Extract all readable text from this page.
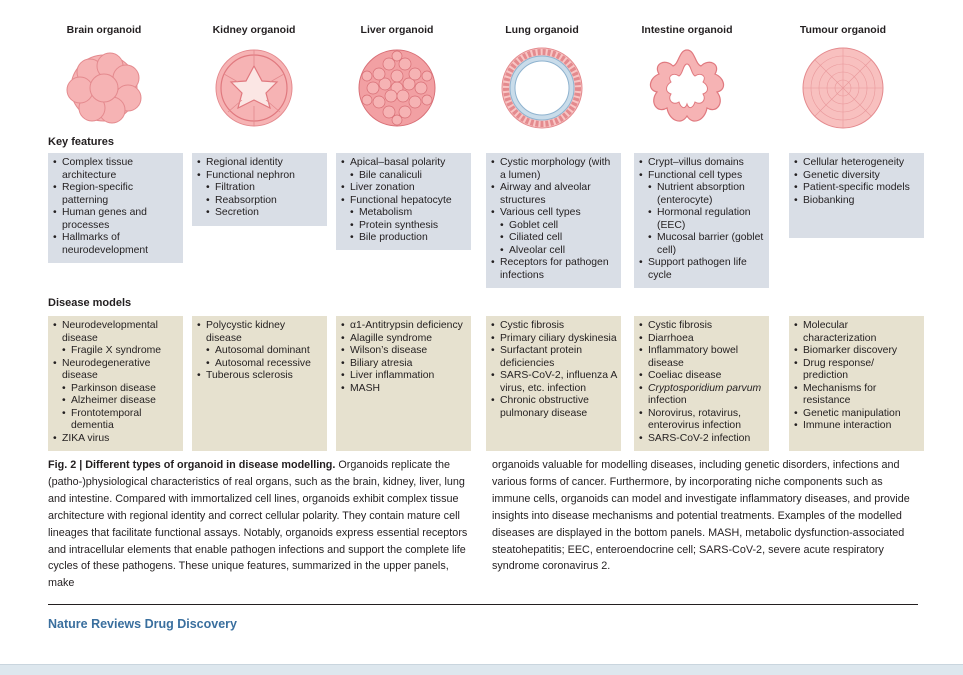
Brain organoid	Kidney organoid	Liver organoid	Lung organoid	Intestine organoid	Tumour organoid
Key features
Disease models
• Complex tissue architecture
• Region-specific patterning
• Human genes and processes
• Hallmarks of neurodevelopment
• Regional identity
• Functional nephron
• Filtration
• Reabsorption
• Secretion
• Apical–basal polarity
• Bile canaliculi
• Liver zonation
• Functional hepatocyte
• Metabolism
• Protein synthesis
• Bile production
• Cystic morphology (with a lumen)
• Airway and alveolar structures
• Various cell types
• Goblet cell
• Ciliated cell
• Alveolar cell
• Receptors for pathogen infections
• Crypt–villus domains
• Functional cell types
• Nutrient absorption (enterocyte)
• Hormonal regulation (EEC)
• Mucosal barrier (goblet cell)
• Support pathogen life cycle
• Cellular heterogeneity
• Genetic diversity
• Patient-specific models
• Biobanking
• Neurodevelopmental disease
• Fragile X syndrome
• Neurodegenerative disease
• Parkinson disease
• Alzheimer disease
• Frontotemporal dementia
• ZIKA virus
• Polycystic kidney disease
• Autosomal dominant
• Autosomal recessive
• Tuberous sclerosis
• α1-Antitrypsin deficiency
• Alagille syndrome
• Wilson’s disease
• Biliary atresia
• Liver inflammation
• MASH
• Cystic fibrosis
• Primary ciliary dyskinesia
• Surfactant protein deficiencies
• SARS-CoV-2, influenza A virus, etc. infection
• Chronic obstructive pulmonary disease
• Cystic fibrosis
• Diarrhoea
• Inflammatory bowel disease
• Coeliac disease
• Cryptosporidium parvum infection
• Norovirus, rotavirus, enterovirus infection
• SARS-CoV-2 infection
• Molecular characterization
• Biomarker discovery
• Drug response/ prediction
• Mechanisms for resistance
• Genetic manipulation
• Immune interaction
Fig. 2 | Different types of organoid in disease modelling. Organoids replicate the (patho-)physiological characteristics of real organs, such as the brain, kidney, liver, lung and intestine. Compared with immortalized cell lines, organoids exhibit complex tissue architecture with regional identity and correct cellular polarity. They contain mature cell lineages that facilitate functional assays. Notably, organoids express essential receptors and intracellular elements that enable pathogen infections and support the complete life cycles of these pathogens. These unique features, summarized in the upper panels, make
organoids valuable for modelling diseases, including genetic disorders, infections and various forms of cancer. Furthermore, by incorporating niche components such as immune cells, organoids can model and investigate inflammatory diseases, and provide insights into disease mechanisms and potential treatments. Examples of the modelled diseases are displayed in the bottom panels. MASH, metabolic dysfunction-associated steatohepatitis; EEC, enteroendocrine cell; SARS-CoV-2, severe acute respiratory syndrome coronavirus 2.
Nature Reviews Drug Discovery
